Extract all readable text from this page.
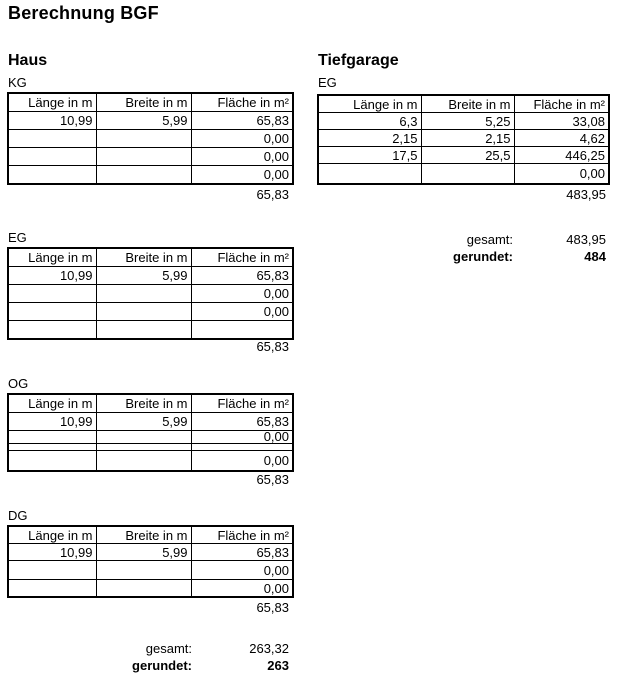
Berechnung BGF
Haus	Tiefgarage
KG
Länge in m	Breite in m	Fläche in m²
10,99	5,99	65,83
		0,00
		0,00
		0,00
65,83
EG
Länge in m	Breite in m	Fläche in m²
10,99	5,99	65,83
		0,00
		0,00

65,83
OG
Länge in m	Breite in m	Fläche in m²
10,99	5,99	65,83
		0,00

		0,00
65,83
DG
Länge in m	Breite in m	Fläche in m²
10,99	5,99	65,83
		0,00
		0,00
65,83
gesamt:	263,32
gerundet:	263
EG
Länge in m	Breite in m	Fläche in m²
6,3	5,25	33,08
2,15	2,15	4,62
17,5	25,5	446,25
		0,00
483,95
gesamt:	483,95
gerundet:	484
